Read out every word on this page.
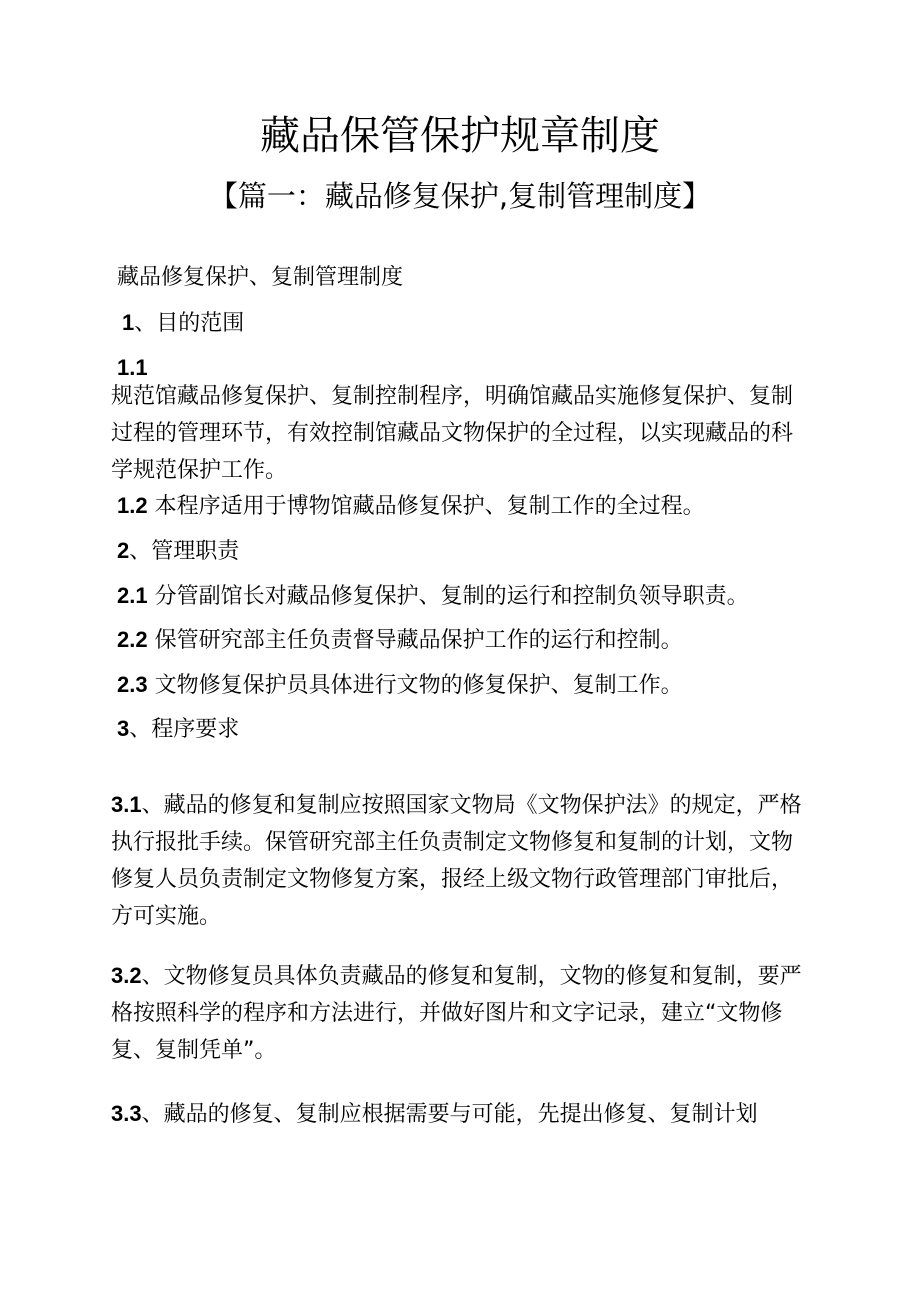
藏品保管保护规章制度
【篇一：藏品修复保护,复制管理制度】
藏品修复保护、复制管理制度
1、目的范围
1.1

规范馆藏品修复保护、复制控制程序，明确馆藏品实施修复保护、复制过程的管理环节，有效控制馆藏品文物保护的全过程，以实现藏品的科学规范保护工作。

1.2 本程序适用于博物馆藏品修复保护、复制工作的全过程。
2、管理职责
2.1 分管副馆长对藏品修复保护、复制的运行和控制负领导职责。
2.2 保管研究部主任负责督导藏品保护工作的运行和控制。
2.3 文物修复保护员具体进行文物的修复保护、复制工作。
3、程序要求

3.1、藏品的修复和复制应按照国家文物局《文物保护法》的规定，严格执行报批手续。保管研究部主任负责制定文物修复和复制的计划，文物修复人员负责制定文物修复方案，报经上级文物行政管理部门审批后，方可实施。

3.2、文物修复员具体负责藏品的修复和复制，文物的修复和复制，要严格按照科学的程序和方法进行，并做好图片和文字记录，建立“文物修复、复制凭单”。

3.3、藏品的修复、复制应根据需要与可能，先提出修复、复制计划
